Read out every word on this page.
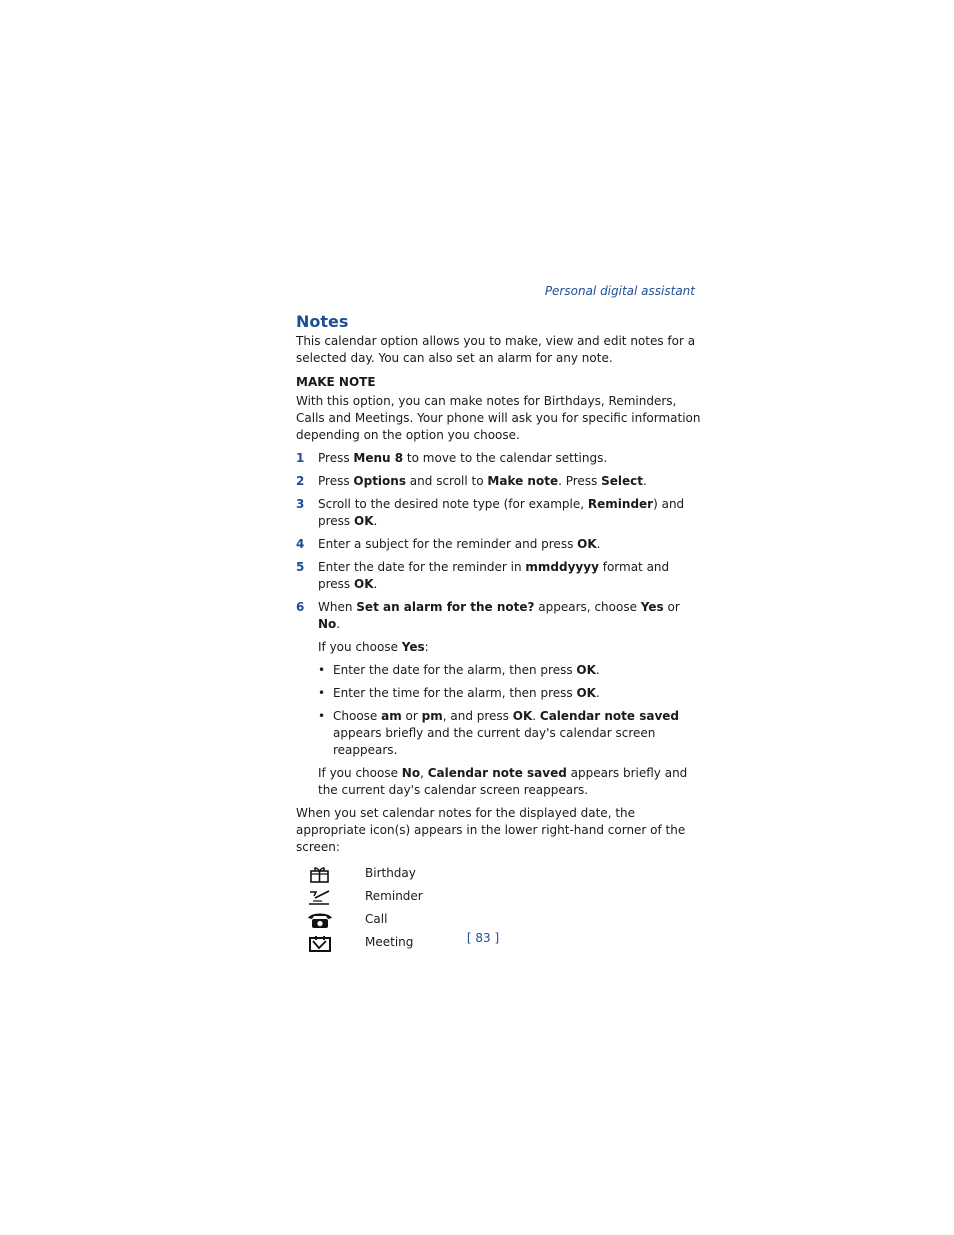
Personal digital assistant
Notes

This calendar option allows you to make, view and edit notes for a selected day. You can also set an alarm for any note.

MAKE NOTE

With this option, you can make notes for Birthdays, Reminders, Calls and Meetings. Your phone will ask you for specific information depending on the option you choose.

1 Press Menu 8 to move to the calendar settings.
2 Press Options and scroll to Make note. Press Select.
3 Scroll to the desired note type (for example, Reminder) and press OK.
4 Enter a subject for the reminder and press OK.
5 Enter the date for the reminder in mmddyyyy format and press OK.
6 When Set an alarm for the note? appears, choose Yes or No.

If you choose Yes:

• Enter the date for the alarm, then press OK.
• Enter the time for the alarm, then press OK.
• Choose am or pm, and press OK. Calendar note saved appears briefly and the current day's calendar screen reappears.

If you choose No, Calendar note saved appears briefly and the current day's calendar screen reappears.

When you set calendar notes for the displayed date, the appropriate icon(s) appears in the lower right-hand corner of the screen:

Birthday
Reminder
Call
Meeting	[ 83 ]
